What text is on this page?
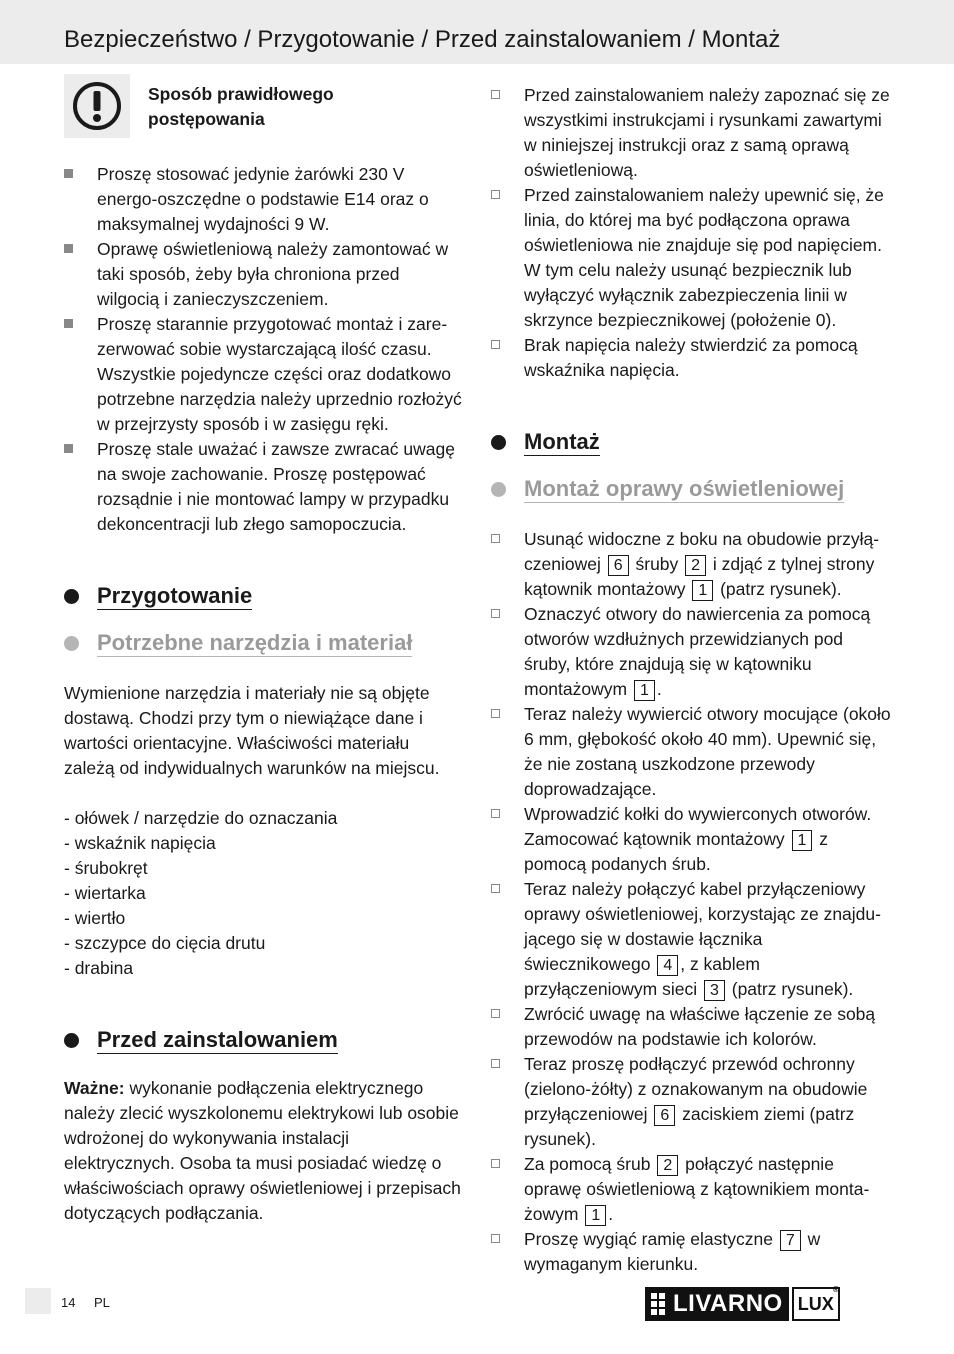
Bezpieczeństwo / Przygotowanie / Przed zainstalowaniem / Montaż
Sposób prawidłowego
postępowania
Proszę stosować jedynie żarówki 230 V energo-oszczędne o podstawie E14 oraz o maksymalnej wydajności 9 W.
Oprawę oświetleniową należy zamontować w taki sposób, żeby była chroniona przed wilgocią i zanieczyszczeniem.
Proszę starannie przygotować montaż i zare-zerwować sobie wystarczającą ilość czasu. Wszystkie pojedyncze części oraz dodatkowo potrzebne narzędzia należy uprzednio rozłożyć w przejrzysty sposób i w zasięgu ręki.
Proszę stale uważać i zawsze zwracać uwagę na swoje zachowanie. Proszę postępować rozsądnie i nie montować lampy w przypadku dekoncentracji lub złego samopoczucia.
Przygotowanie
Potrzebne narzędzia i materiał

Wymienione narzędzia i materiały nie są objęte dostawą. Chodzi przy tym o niewiążące dane i wartości orientacyjne. Właściwości materiału zależą od indywidualnych warunków na miejscu.

- ołówek / narzędzie do oznaczania
- wskaźnik napięcia
- śrubokręt
- wiertarka
- wiertło
- szczypce do cięcia drutu
- drabina
Przed zainstalowaniem

Ważne: wykonanie podłączenia elektrycznego należy zlecić wyszkolonemu elektrykowi lub osobie wdrożonej do wykonywania instalacji elektrycznych. Osoba ta musi posiadać wiedzę o właściwościach oprawy oświetleniowej i przepisach dotyczących podłączania.

Przed zainstalowaniem należy zapoznać się ze wszystkimi instrukcjami i rysunkami zawartymi w niniejszej instrukcji oraz z samą oprawą oświetleniową.
Przed zainstalowaniem należy upewnić się, że linia, do której ma być podłączona oprawa oświetleniowa nie znajduje się pod napięciem. W tym celu należy usunąć bezpiecznik lub wyłączyć wyłącznik zabezpieczenia linii w skrzynce bezpiecznikowej (położenie 0).
Brak napięcia należy stwierdzić za pomocą wskaźnika napięcia.
Montaż
Montaż oprawy oświetleniowej
Usunąć widoczne z boku na obudowie przyłą-czeniowej 6 śruby 2 i zdjąć z tylnej strony kątownik montażowy 1 (patrz rysunek).
Oznaczyć otwory do nawiercenia za pomocą otworów wzdłużnych przewidzianych pod śruby, które znajdują się w kątowniku montażowym 1 .
Teraz należy wywiercić otwory mocujące (około 6 mm, głębokość około 40 mm). Upewnić się, że nie zostaną uszkodzone przewody doprowadzające.
Wprowadzić kołki do wywierconych otworów. Zamocować kątownik montażowy 1 z pomocą podanych śrub.
Teraz należy połączyć kabel przyłączeniowy oprawy oświetleniowej, korzystając ze znajdu-jącego się w dostawie łącznika świecznikowego 4 , z kablem przyłączeniowym sieci 3 (patrz rysunek).
Zwrócić uwagę na właściwe łączenie ze sobą przewodów na podstawie ich kolorów.
Teraz proszę podłączyć przewód ochronny (zielono-żółty) z oznakowanym na obudowie przyłączeniowej 6 zaciskiem ziemi (patrz rysunek).
Za pomocą śrub 2 połączyć następnie oprawę oświetleniową z kątownikiem monta-żowym 1 .
Proszę wygiąć ramię elastyczne 7 w wymaganym kierunku.
14 PL	LIVARNO LUX
®
